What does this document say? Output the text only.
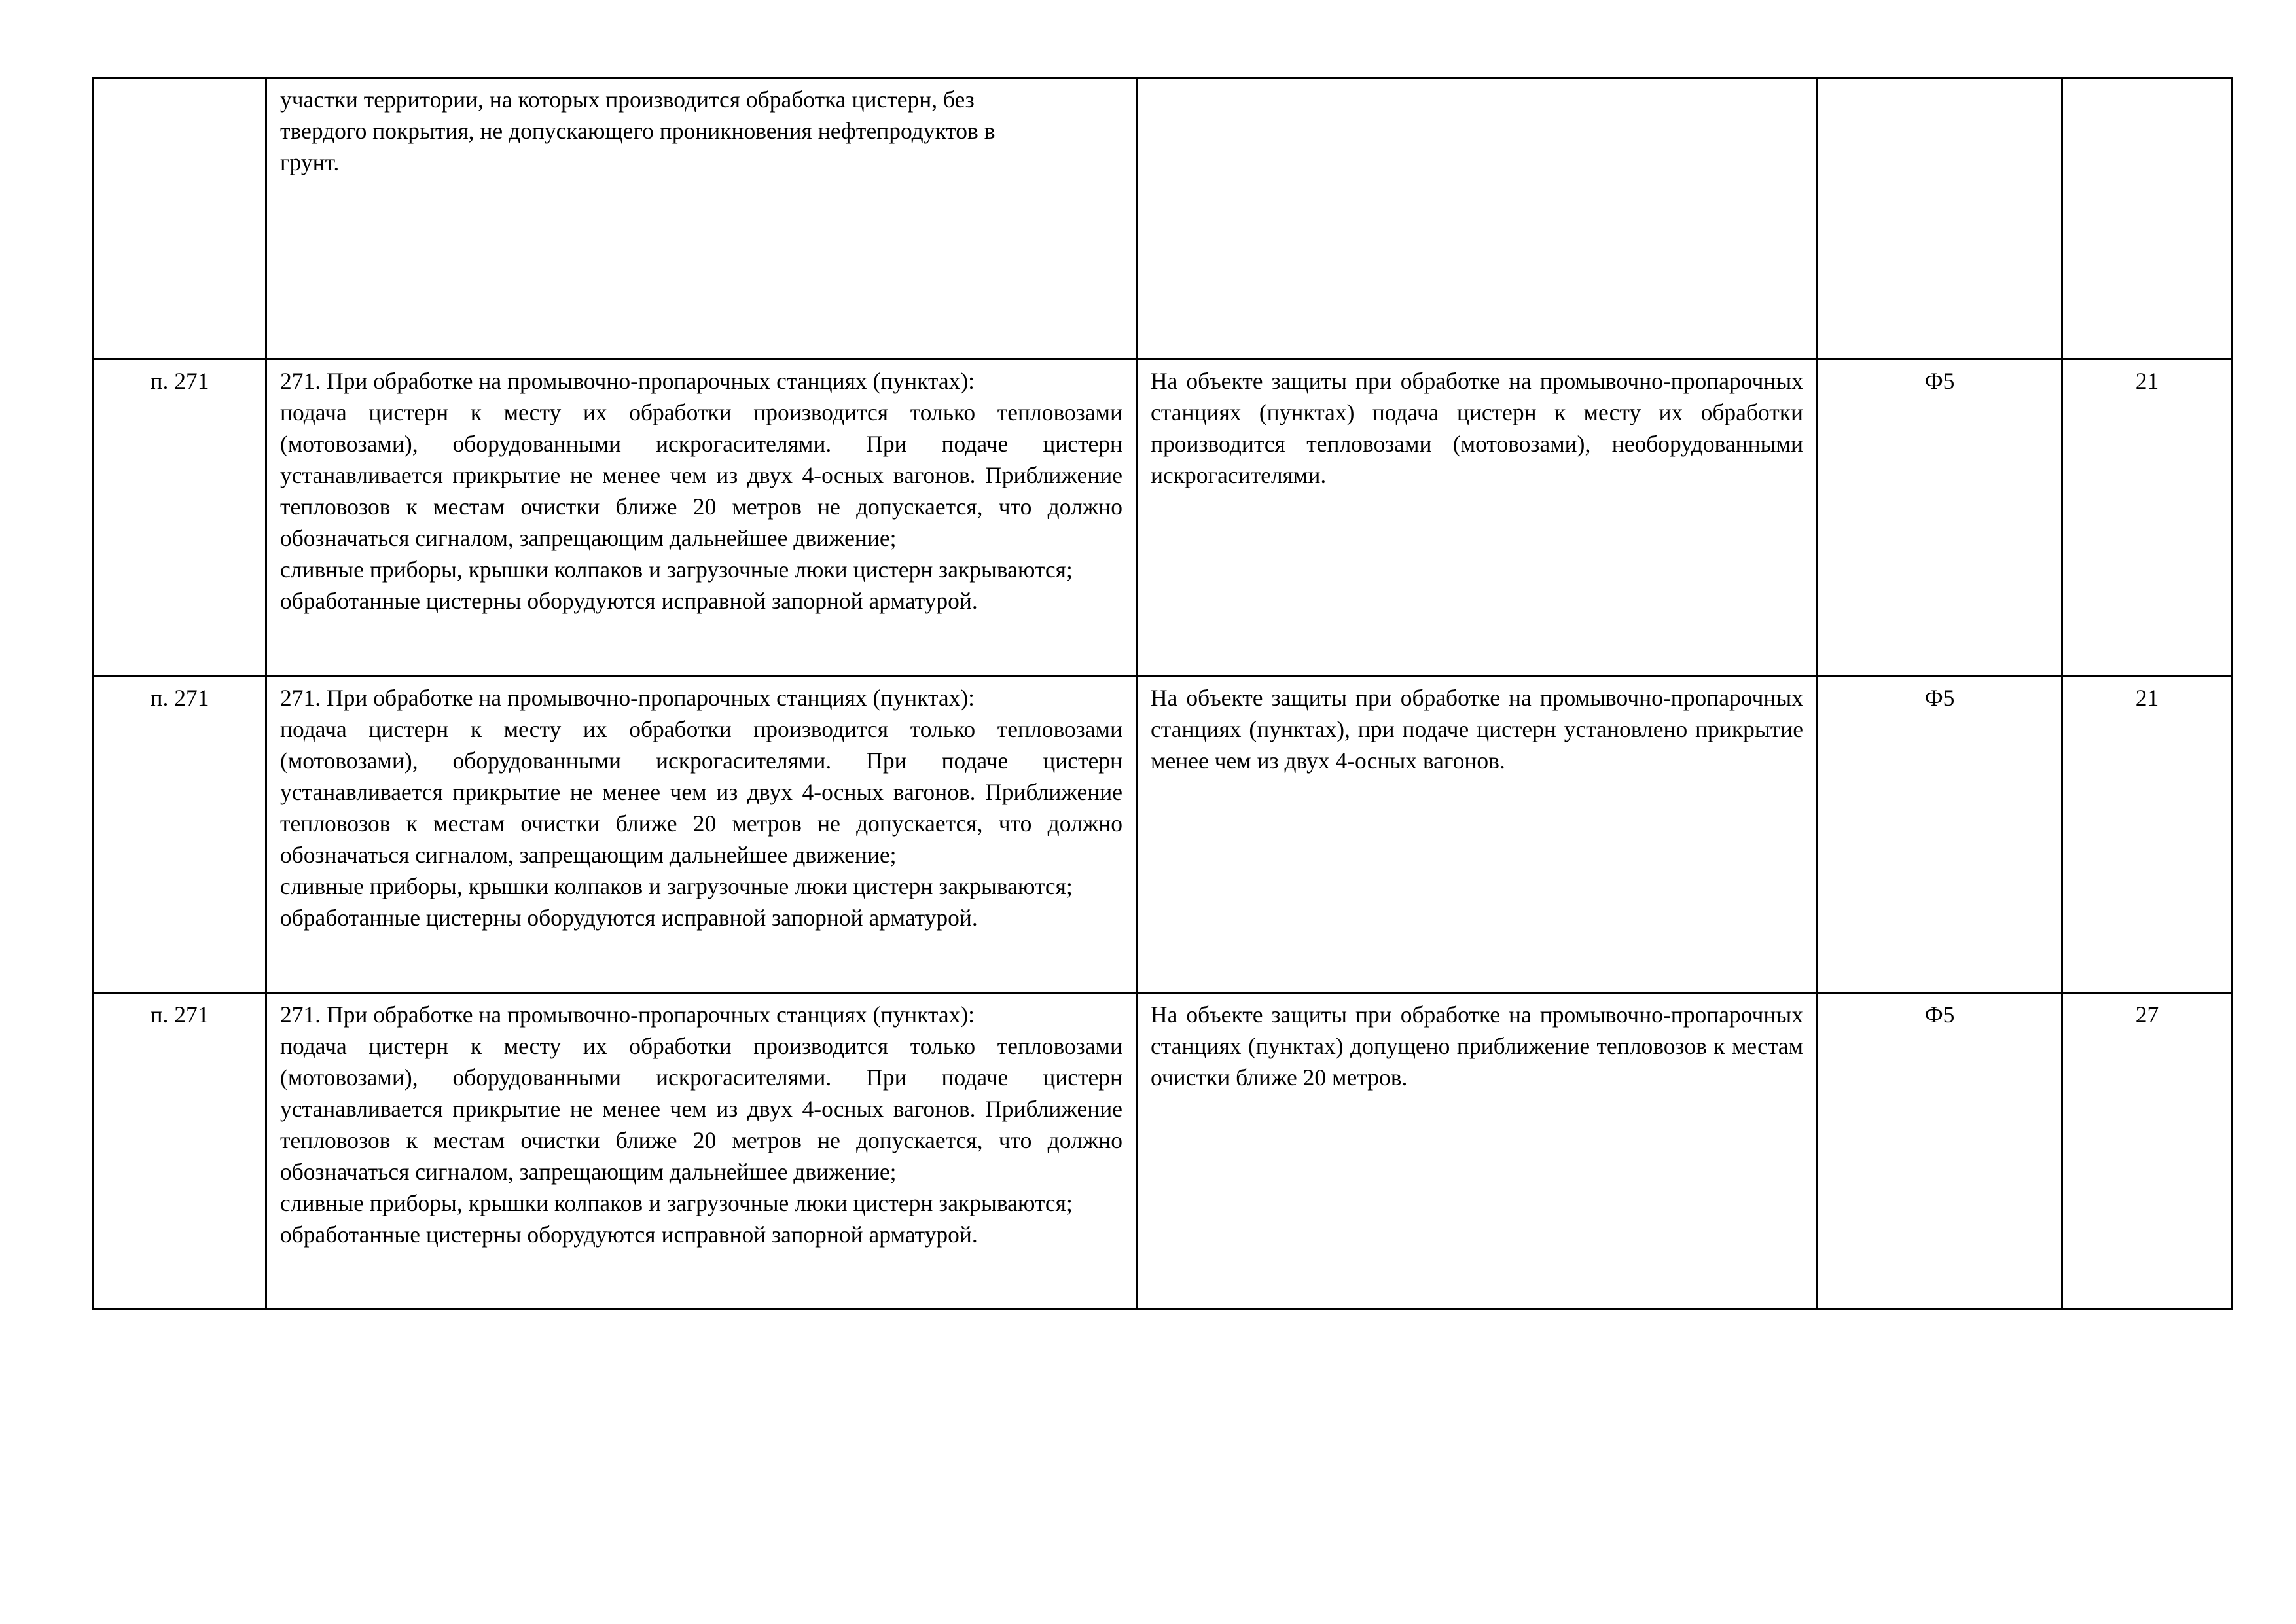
	участки территории, на которых производится обработка цистерн, без
твердого покрытия, не допускающего проникновения нефтепродуктов в
грунт.			

п. 271	271. При обработке на промывочно-пропарочных станциях (пунктах):
подача цистерн к месту их обработки производится только тепловозами (мотовозами), оборудованными искрогасителями. При подаче цистерн устанавливается прикрытие не менее чем из двух 4-осных вагонов. Приближение тепловозов к местам очистки ближе 20 метров не допускается, что должно обозначаться сигналом, запрещающим дальнейшее движение;
сливные приборы, крышки колпаков и загрузочные люки цистерн закрываются;
обработанные цистерны оборудуются исправной запорной арматурой.	На объекте защиты при обработке на промывочно-пропарочных станциях (пунктах) подача цистерн к месту их обработки производится тепловозами (мотовозами), необорудованными искрогасителями.	Ф5	21
п. 271	271. При обработке на промывочно-пропарочных станциях (пунктах):
подача цистерн к месту их обработки производится только тепловозами (мотовозами), оборудованными искрогасителями. При подаче цистерн устанавливается прикрытие не менее чем из двух 4-осных вагонов. Приближение тепловозов к местам очистки ближе 20 метров не допускается, что должно обозначаться сигналом, запрещающим дальнейшее движение;
сливные приборы, крышки колпаков и загрузочные люки цистерн закрываются;
обработанные цистерны оборудуются исправной запорной арматурой.	На объекте защиты при обработке на промывочно-пропарочных станциях (пунктах), при подаче цистерн установлено прикрытие менее чем из двух 4-осных вагонов.	Ф5	21
п. 271	271. При обработке на промывочно-пропарочных станциях (пунктах):
подача цистерн к месту их обработки производится только тепловозами (мотовозами), оборудованными искрогасителями. При подаче цистерн устанавливается прикрытие не менее чем из двух 4-осных вагонов. Приближение тепловозов к местам очистки ближе 20 метров не допускается, что должно обозначаться сигналом, запрещающим дальнейшее движение;
сливные приборы, крышки колпаков и загрузочные люки цистерн закрываются;
обработанные цистерны оборудуются исправной запорной арматурой.	На объекте защиты при обработке на промывочно-пропарочных станциях (пунктах) допущено приближение тепловозов к местам очистки ближе 20 метров.	Ф5	27
